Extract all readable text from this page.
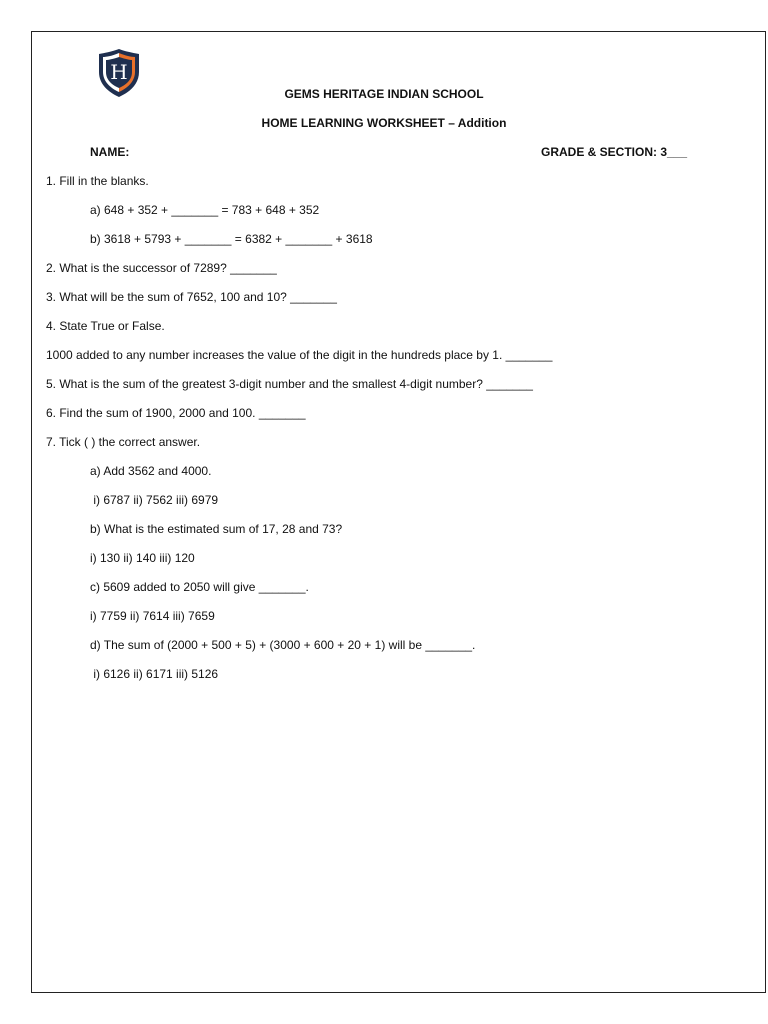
H
GEMS HERITAGE INDIAN SCHOOL
HOME LEARNING WORKSHEET – Addition
NAME:	GRADE & SECTION: 3___
1. Fill in the blanks.
a) 648 + 352 + _______ = 783 + 648 + 352
b) 3618 + 5793 + _______ = 6382 + _______ + 3618
2. What is the successor of 7289? _______
3. What will be the sum of 7652, 100 and 10? _______
4. State True or False.
1000 added to any number increases the value of the digit in the hundreds place by 1. _______
5. What is the sum of the greatest 3-digit number and the smallest 4-digit number? _______
6. Find the sum of 1900, 2000 and 100. _______
7. Tick ( ) the correct answer.
a) Add 3562 and 4000.
i) 6787 ii) 7562 iii) 6979
b) What is the estimated sum of 17, 28 and 73?
i) 130 ii) 140 iii) 120
c) 5609 added to 2050 will give _______.
i) 7759 ii) 7614 iii) 7659
d) The sum of (2000 + 500 + 5) + (3000 + 600 + 20 + 1) will be _______.
i) 6126 ii) 6171 iii) 5126
